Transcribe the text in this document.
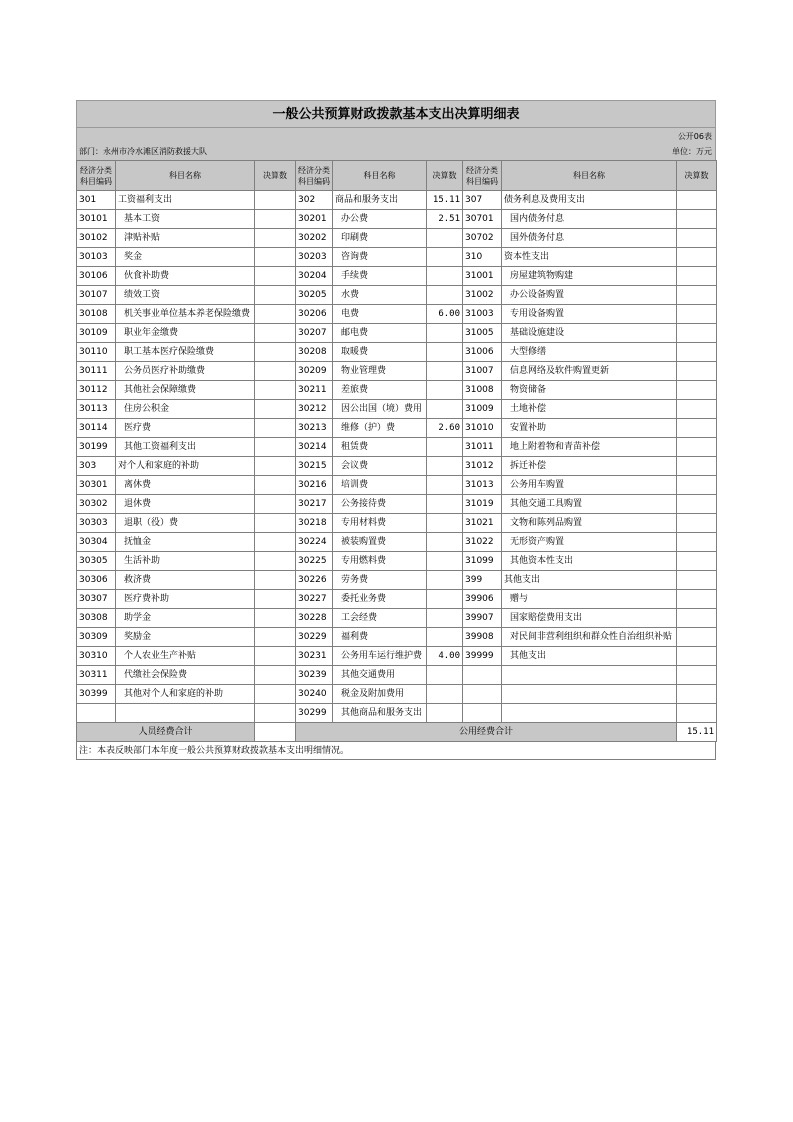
一般公共预算财政拨款基本支出决算明细表
公开06表
部门：永州市冷水滩区消防救援大队	单位：万元
经济分类科目编码	科目名称	决算数	经济分类科目编码	科目名称	决算数	经济分类科目编码	科目名称	决算数
301	工资福利支出		302	商品和服务支出	15.11	307	债务利息及费用支出	
30101	基本工资		30201	办公费	2.51	30701	国内债务付息	
30102	津贴补贴		30202	印刷费		30702	国外债务付息	
30103	奖金		30203	咨询费		310	资本性支出	
30106	伙食补助费		30204	手续费		31001	房屋建筑物购建	
30107	绩效工资		30205	水费		31002	办公设备购置	
30108	机关事业单位基本养老保险缴费		30206	电费	6.00	31003	专用设备购置	
30109	职业年金缴费		30207	邮电费		31005	基础设施建设	
30110	职工基本医疗保险缴费		30208	取暖费		31006	大型修缮	
30111	公务员医疗补助缴费		30209	物业管理费		31007	信息网络及软件购置更新	
30112	其他社会保障缴费		30211	差旅费		31008	物资储备	
30113	住房公积金		30212	因公出国（境）费用		31009	土地补偿	
30114	医疗费		30213	维修（护）费	2.60	31010	安置补助	
30199	其他工资福利支出		30214	租赁费		31011	地上附着物和青苗补偿	
303	对个人和家庭的补助		30215	会议费		31012	拆迁补偿	
30301	离休费		30216	培训费		31013	公务用车购置	
30302	退休费		30217	公务接待费		31019	其他交通工具购置	
30303	退职（役）费		30218	专用材料费		31021	文物和陈列品购置	
30304	抚恤金		30224	被装购置费		31022	无形资产购置	
30305	生活补助		30225	专用燃料费		31099	其他资本性支出	
30306	救济费		30226	劳务费		399	其他支出	
30307	医疗费补助		30227	委托业务费		39906	赠与	
30308	助学金		30228	工会经费		39907	国家赔偿费用支出	
30309	奖励金		30229	福利费		39908	对民间非营利组织和群众性自治组织补贴	
30310	个人农业生产补贴		30231	公务用车运行维护费	4.00	39999	其他支出	
30311	代缴社会保险费		30239	其他交通费用				
30399	其他对个人和家庭的补助		30240	税金及附加费用				
			30299	其他商品和服务支出				
人员经费合计			公用经费合计					15.11
注：本表反映部门本年度一般公共预算财政拨款基本支出明细情况。
